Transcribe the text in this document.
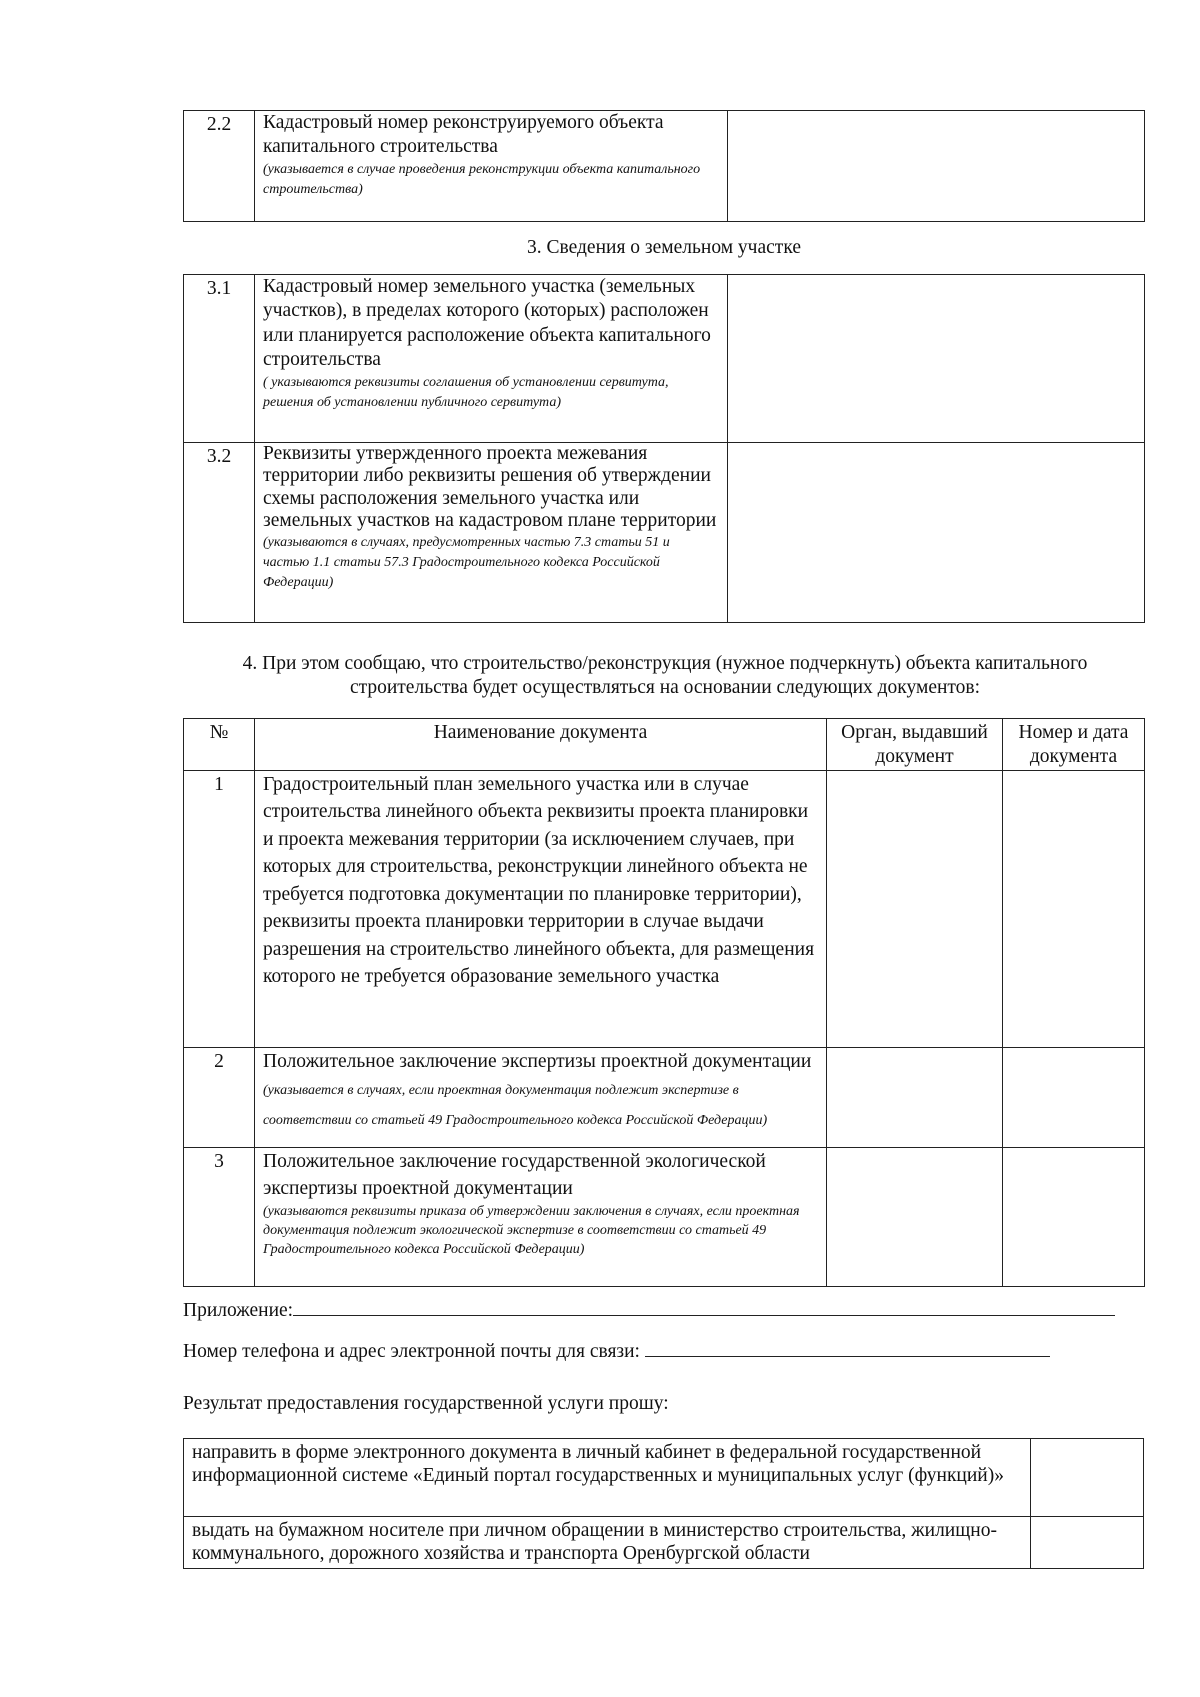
2.2	Кадастровый номер реконструируемого объекта капитального строительства
(указывается в случае проведения реконструкции объекта капитального строительства)

3. Сведения о земельном участке
3.1	Кадастровый номер земельного участка (земельных участков), в пределах которого (которых) расположен или планируется расположение объекта капитального строительства
( указываются реквизиты соглашения об установлении сервитута, решения об установлении публичного сервитута)	

3.2	Реквизиты утвержденного проекта межевания территории либо реквизиты решения об утверждении схемы расположения земельного участка или земельных участков на кадастровом плане территории
(указываются в случаях, предусмотренных частью 7.3 статьи 51 и частью 1.1 статьи 57.3 Градостроительного кодекса Российской Федерации)	

4. При этом сообщаю, что строительство/реконструкция (нужное подчеркнуть) объекта капитального строительства будет осуществляться на основании следующих документов:
№	Наименование документа	Орган, выдавший документ	Номер и дата документа
1	Градостроительный план земельного участка или в случае строительства линейного объекта реквизиты проекта планировки и проекта межевания территории (за исключением случаев, при которых для строительства, реконструкции линейного объекта не требуется подготовка документации по планировке территории), реквизиты проекта планировки территории в случае выдачи разрешения на строительство линейного объекта, для размещения которого не требуется образование земельного участка		
2	Положительное заключение экспертизы проектной документации (указывается в случаях, если проектная документация подлежит экспертизе в соответствии со статьей 49 Градостроительного кодекса Российской Федерации)		
3	Положительное заключение государственной экологической экспертизы проектной документации
(указываются реквизиты приказа об утверждении заключения в случаях, если проектная документация подлежит экологической экспертизе в соответствии со статьей 49 Градостроительного кодекса Российской Федерации)		

Приложение:
Номер телефона и адрес электронной почты для связи:
Результат предоставления государственной услуги прошу:
направить в форме электронного документа в личный кабинет в федеральной государственной информационной системе «Единый портал государственных и муниципальных услуг (функций)»	
выдать на бумажном носителе при личном обращении в министерство строительства, жилищно-коммунального, дорожного хозяйства и транспорта Оренбургской области	
